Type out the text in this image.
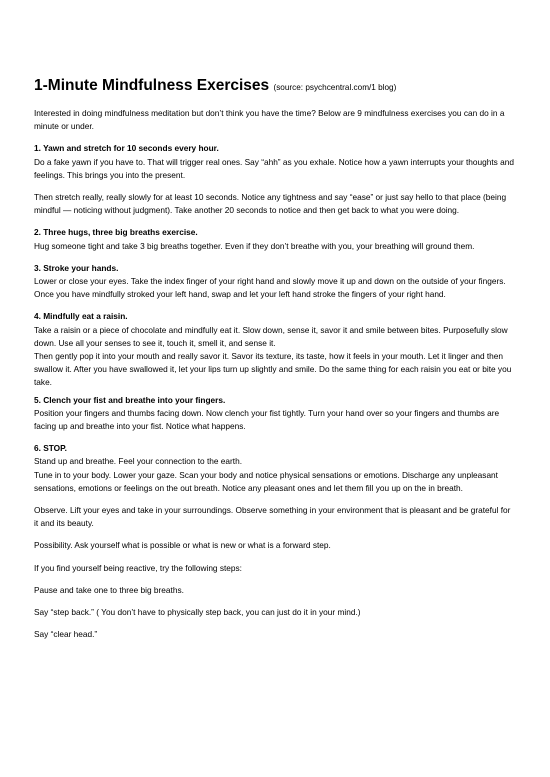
1-Minute Mindfulness Exercises (source: psychcentral.com/1 blog)

Interested in doing mindfulness meditation but don’t think you have the time? Below are 9 mindfulness exercises you can do in a minute or under.

1. Yawn and stretch for 10 seconds every hour.

Do a fake yawn if you have to. That will trigger real ones. Say “ahh” as you exhale. Notice how a yawn interrupts your thoughts and feelings. This brings you into the present.

Then stretch really, really slowly for at least 10 seconds. Notice any tightness and say “ease” or just say hello to that place (being mindful — noticing without judgment). Take another 20 seconds to notice and then get back to what you were doing.

2. Three hugs, three big breaths exercise.

Hug someone tight and take 3 big breaths together. Even if they don’t breathe with you, your breathing will ground them.

3. Stroke your hands.

Lower or close your eyes. Take the index finger of your right hand and slowly move it up and down on the outside of your fingers. Once you have mindfully stroked your left hand, swap and let your left hand stroke the fingers of your right hand.

4. Mindfully eat a raisin.

Take a raisin or a piece of chocolate and mindfully eat it. Slow down, sense it, savor it and smile between bites. Purposefully slow down. Use all your senses to see it, touch it, smell it, and sense it.

Then gently pop it into your mouth and really savor it. Savor its texture, its taste, how it feels in your mouth. Let it linger and then swallow it. After you have swallowed it, let your lips turn up slightly and smile. Do the same thing for each raisin you eat or bite you take.

5. Clench your fist and breathe into your fingers.

Position your fingers and thumbs facing down. Now clench your fist tightly. Turn your hand over so your fingers and thumbs are facing up and breathe into your fist. Notice what happens.

6. STOP.

Stand up and breathe. Feel your connection to the earth.

Tune in to your body. Lower your gaze. Scan your body and notice physical sensations or emotions. Discharge any unpleasant sensations, emotions or feelings on the out breath. Notice any pleasant ones and let them fill you up on the in breath.

Observe. Lift your eyes and take in your surroundings. Observe something in your environment that is pleasant and be grateful for it and its beauty.

Possibility. Ask yourself what is possible or what is new or what is a forward step.

If you find yourself being reactive, try the following steps:

Pause and take one to three big breaths.

Say “step back.” ( You don’t have to physically step back, you can just do it in your mind.)

Say “clear head.”
